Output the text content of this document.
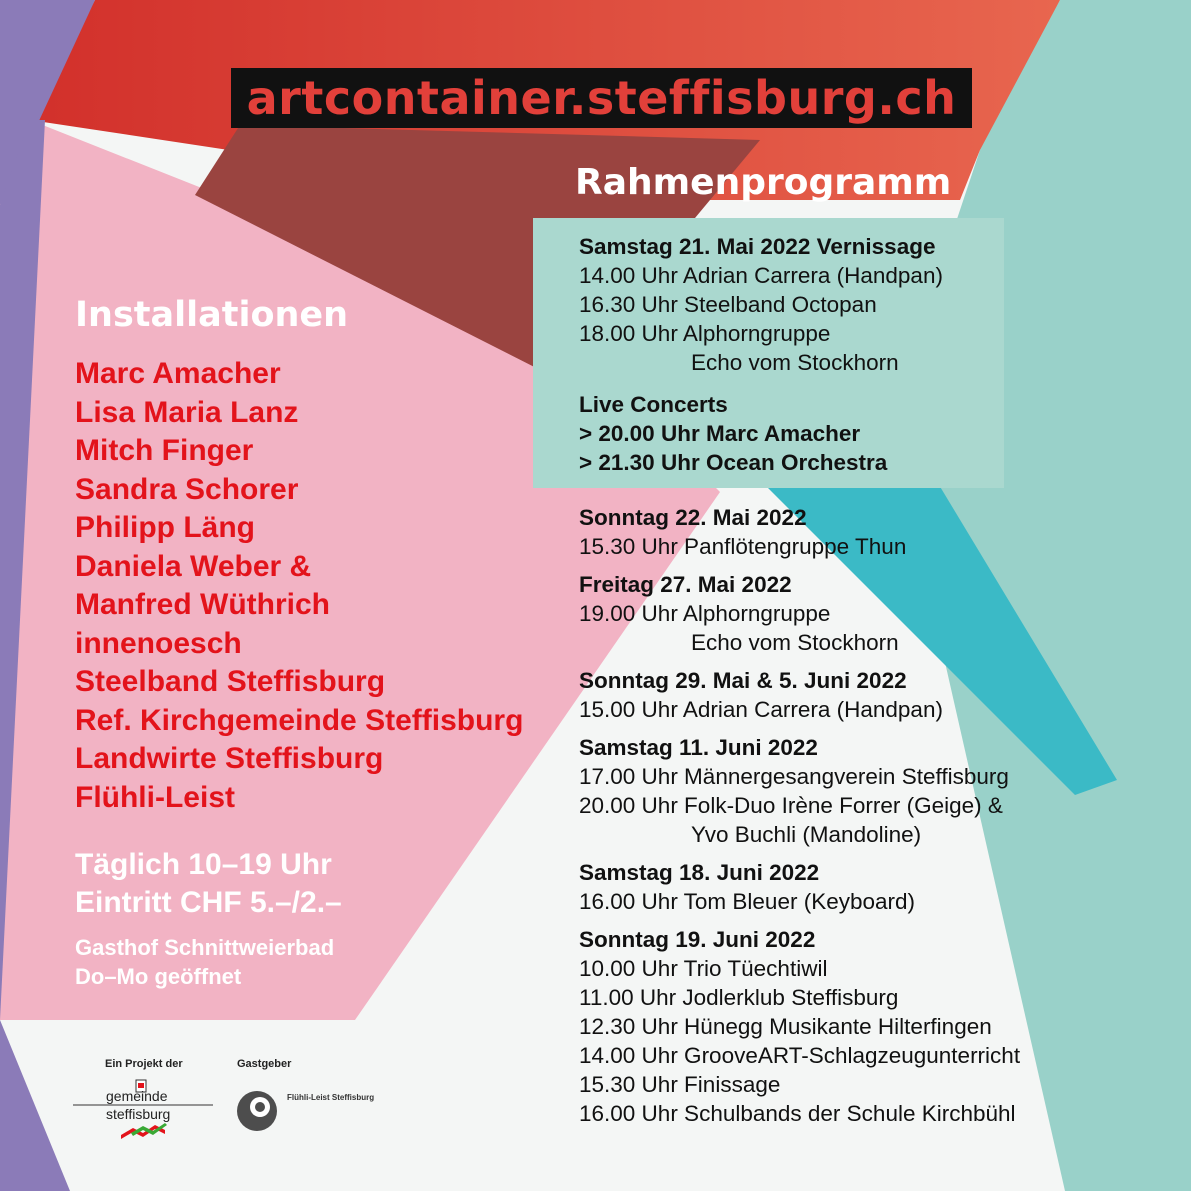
artcontainer.steffisburg.ch
Rahmenprogramm
Samstag 21. Mai 2022 Vernissage
14.00 Uhr Adrian Carrera (Handpan)
16.30 Uhr Steelband Octopan
18.00 Uhr Alphorngruppe
Echo vom Stockhorn
Live Concerts
> 20.00 Uhr Marc Amacher
> 21.30 Uhr Ocean Orchestra
Installationen
Marc Amacher
Lisa Maria Lanz
Mitch Finger
Sandra Schorer
Philipp Läng
Daniela Weber &
Manfred Wüthrich
innenoesch
Steelband Steffisburg
Ref. Kirchgemeinde Steffisburg
Landwirte Steffisburg
Flühli-Leist
Täglich 10–19 Uhr
Eintritt CHF 5.–/2.–
Gasthof Schnittweierbad
Do–Mo geöffnet
Sonntag 22. Mai 2022
15.30 Uhr Panflötengruppe Thun
Freitag 27. Mai 2022
19.00 Uhr Alphorngruppe
Echo vom Stockhorn
Sonntag 29. Mai & 5. Juni 2022
15.00 Uhr Adrian Carrera (Handpan)
Samstag 11. Juni 2022
17.00 Uhr Männergesangverein Steffisburg
20.00 Uhr Folk-Duo Irène Forrer (Geige) &
Yvo Buchli (Mandoline)
Samstag 18. Juni 2022
16.00 Uhr Tom Bleuer (Keyboard)
Sonntag 19. Juni 2022
10.00 Uhr Trio Tüechtiwil
11.00 Uhr Jodlerklub Steffisburg
12.30 Uhr Hünegg Musikante Hilterfingen
14.00 Uhr GrooveART-Schlagzeugunterricht
15.30 Uhr Finissage
16.00 Uhr Schulbands der Schule Kirchbühl
Ein Projekt der	Gastgeber
gemeinde
steffisburg
Flühli-Leist Steffisburg
